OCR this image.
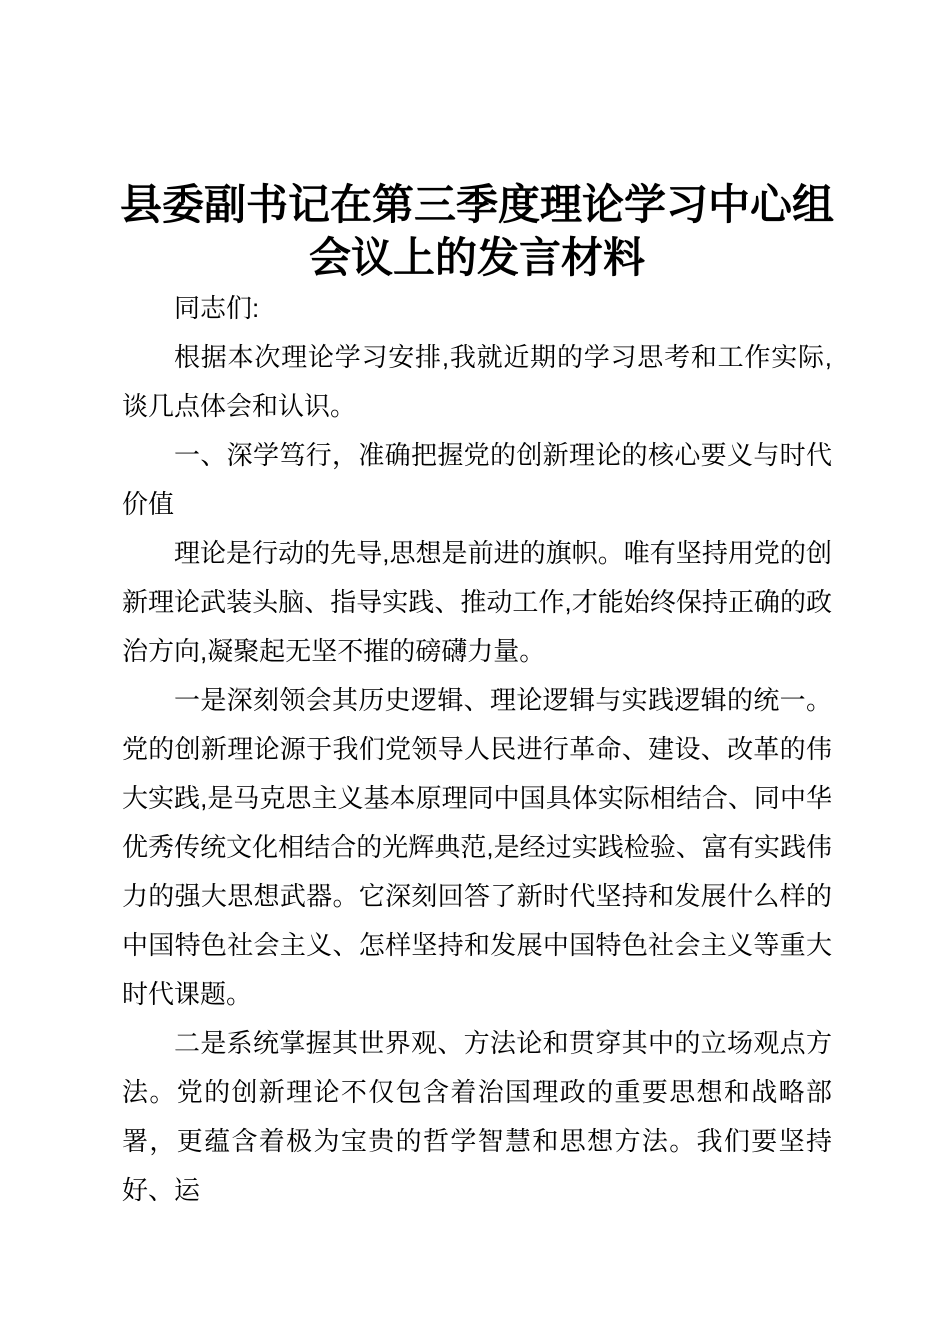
县委副书记在第三季度理论学习中心组会议上的发言材料

同志们:

根据本次理论学习安排,我就近期的学习思考和工作实际,谈几点体会和认识。

一、深学笃行，准确把握党的创新理论的核心要义与时代价值

理论是行动的先导,思想是前进的旗帜。唯有坚持用党的创新理论武装头脑、指导实践、推动工作,才能始终保持正确的政治方向,凝聚起无坚不摧的磅礴力量。

一是深刻领会其历史逻辑、理论逻辑与实践逻辑的统一。党的创新理论源于我们党领导人民进行革命、建设、改革的伟大实践,是马克思主义基本原理同中国具体实际相结合、同中华优秀传统文化相结合的光辉典范,是经过实践检验、富有实践伟力的强大思想武器。它深刻回答了新时代坚持和发展什么样的中国特色社会主义、怎样坚持和发展中国特色社会主义等重大时代课题。

二是系统掌握其世界观、方法论和贯穿其中的立场观点方法。党的创新理论不仅包含着治国理政的重要思想和战略部署，更蕴含着极为宝贵的哲学智慧和思想方法。我们要坚持好、运
